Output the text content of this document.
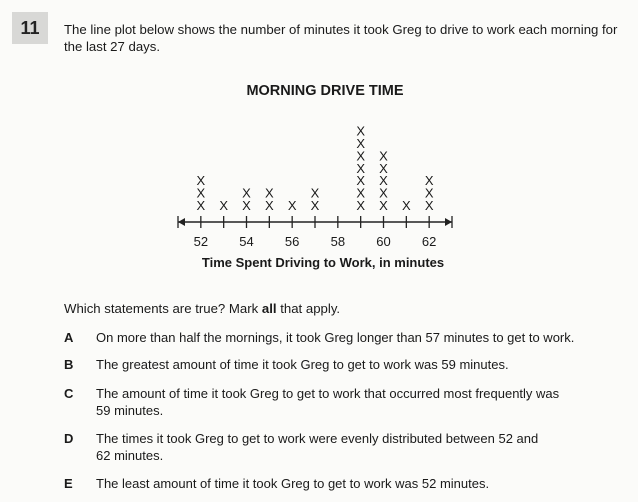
11	The line plot below shows the number of minutes it took Greg to drive to work each morning for the last 27 days.
MORNING DRIVE TIME
X
X
X
X X
X
X
X
X X
X
X
X
X
X
X
X
X
X
X
X
X
X
X X
X
X
52 54 56 58 60 62
Time Spent Driving to Work, in minutes
Which statements are true? Mark all that apply.
A	On more than half the mornings, it took Greg longer than 57 minutes to get to work.
B	The greatest amount of time it took Greg to get to work was 59 minutes.
C	The amount of time it took Greg to get to work that occurred most frequently was
59 minutes.
D	The times it took Greg to get to work were evenly distributed between 52 and
62 minutes.
E	The least amount of time it took Greg to get to work was 52 minutes.
